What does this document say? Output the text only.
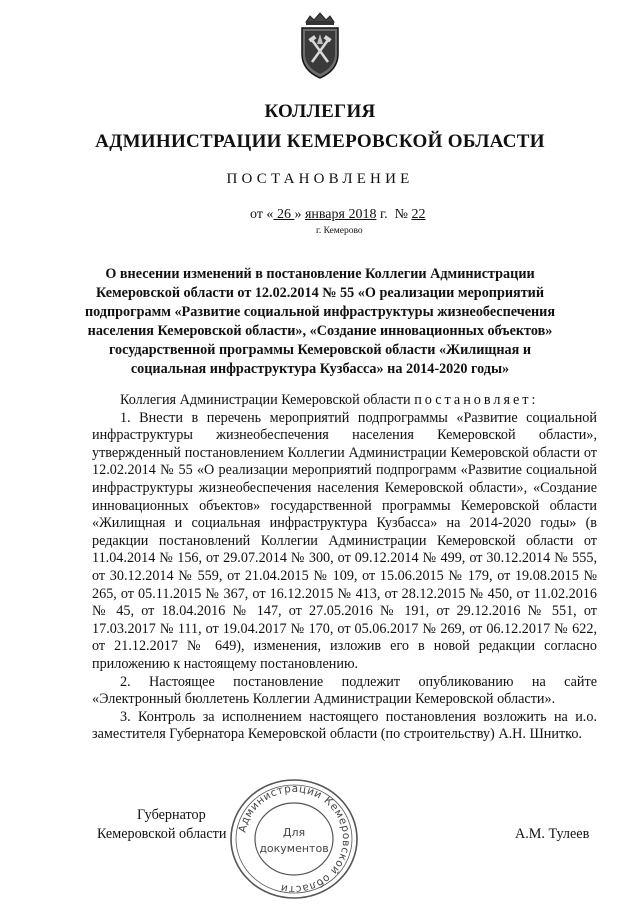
КОЛЛЕГИЯ
АДМИНИСТРАЦИИ КЕМЕРОВСКОЙ ОБЛАСТИ
ПОСТАНОВЛЕНИЕ
от « 26 » января 2018 г. № 22
г. Кемерово
О внесении изменений в постановление Коллегии Администрации
Кемеровской области от 12.02.2014 № 55 «О реализации мероприятий
подпрограмм «Развитие социальной инфраструктуры жизнеобеспечения
населения Кемеровской области», «Создание инновационных объектов»
государственной программы Кемеровской области «Жилищная и
социальная инфраструктура Кузбасса» на 2014-2020 годы»

Коллегия Администрации Кемеровской области постановляет:

1. Внести в перечень мероприятий подпрограммы «Развитие социальной инфраструктуры жизнеобеспечения населения Кемеровской области», утвержденный постановлением Коллегии Администрации Кемеровской области от 12.02.2014 № 55 «О реализации мероприятий подпрограмм «Развитие социальной инфраструктуры жизнеобеспечения населения Кемеровской области», «Создание инновационных объектов» государственной программы Кемеровской области «Жилищная и социальная инфраструктура Кузбасса» на 2014-2020 годы» (в редакции постановлений Коллегии Администрации Кемеровской области от 11.04.2014 № 156, от 29.07.2014 № 300, от 09.12.2014 № 499, от 30.12.2014 № 555, от 30.12.2014 № 559, от 21.04.2015 № 109, от 15.06.2015 № 179, от 19.08.2015 № 265, от 05.11.2015 № 367, от 16.12.2015 № 413, от 28.12.2015 № 450, от 11.02.2016 № 45, от 18.04.2016 № 147, от 27.05.2016 № 191, от 29.12.2016 № 551, от 17.03.2017 № 111, от 19.04.2017 № 170, от 05.06.2017 № 269, от 06.12.2017 № 622, от 21.12.2017 № 649), изменения, изложив его в новой редакции согласно приложению к настоящему постановлению.

2. Настоящее постановление подлежит опубликованию на сайте «Электронный бюллетень Коллегии Администрации Кемеровской области».

3. Контроль за исполнением настоящего постановления возложить на и.о. заместителя Губернатора Кемеровской области (по строительству) А.Н. Шнитко.

Губернатор
Кемеровской области	А.М. Тулеев
Администрации Кемеровской области
Для
документов
